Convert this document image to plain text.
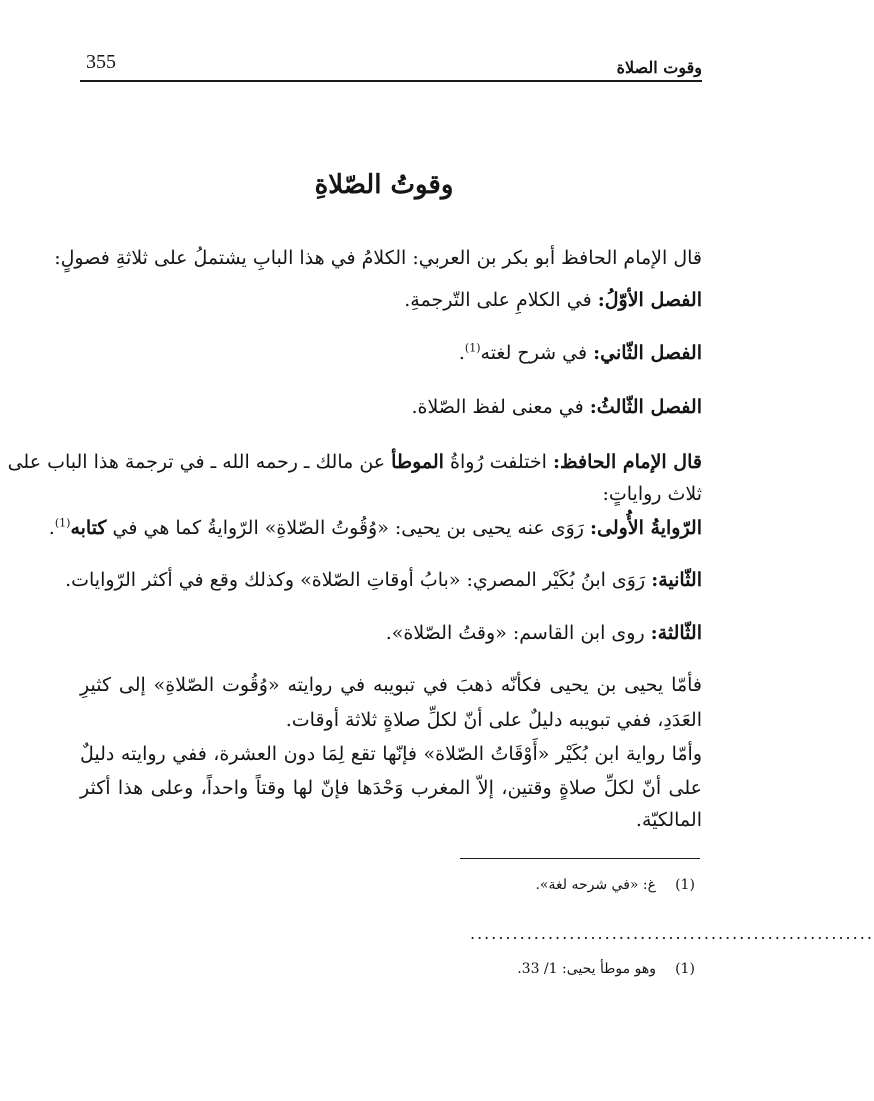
وقوت الصلاة
355
وقوتُ الصّلاةِ
قال الإمام الحافظ أبو بكر بن العربي: الكلامُ في هذا البابِ يشتملُ على ثلاثةِ فصولٍ:
الفصل الأوّلُ: في الكلامِ على التّرجمةِ.
الفصل الثّاني: في شرح لغته$^{(1)}$.
الفصل الثّالثُ: في معنى لفظ الصّلاة.
قال الإمام الحافظ: اختلفت رُواةُ الموطأ عن مالك ـ رحمه الله ـ في ترجمة هذا الباب على
ثلاث رواياتٍ:
الرّوايةُ الأُولى: رَوَى عنه يحيى بن يحيى: «وُقُوتُ الصّلاةِ» الرّوايةُ كما هي في كتابه$^{(1)}$.
الثّانية: رَوَى ابنُ بُكَيْر المصري: «بابُ أوقاتِ الصّلاة» وكذلك وقع في أكثر الرّوايات.
الثّالثة: روى ابن القاسم: «وقتُ الصّلاة».
فأمّا يحيى بن يحيى فكأنّه ذهبَ في تبويبه في روايته «وُقُوت الصّلاةِ» إلى كثيرِ
العَدَدِ، ففي تبويبه دليلٌ على أنّ لكلِّ صلاةٍ ثلاثة أوقات.
وأمّا رواية ابن بُكَيْر «أَوْقَاتُ الصّلاة» فإنّها تقع لِمَا دون العشرة، ففي روايته دليلٌ
على أنّ لكلِّ صلاةٍ وقتين، إلاّ المغرب وَحْدَها فإنّ لها وقتاً واحداً، وعلى هذا أكثر
المالكيّة.
(1)غ: «في شرحه لغة».
.........................................................
(1)وهو موطأ يحيى: 1/ 33.
